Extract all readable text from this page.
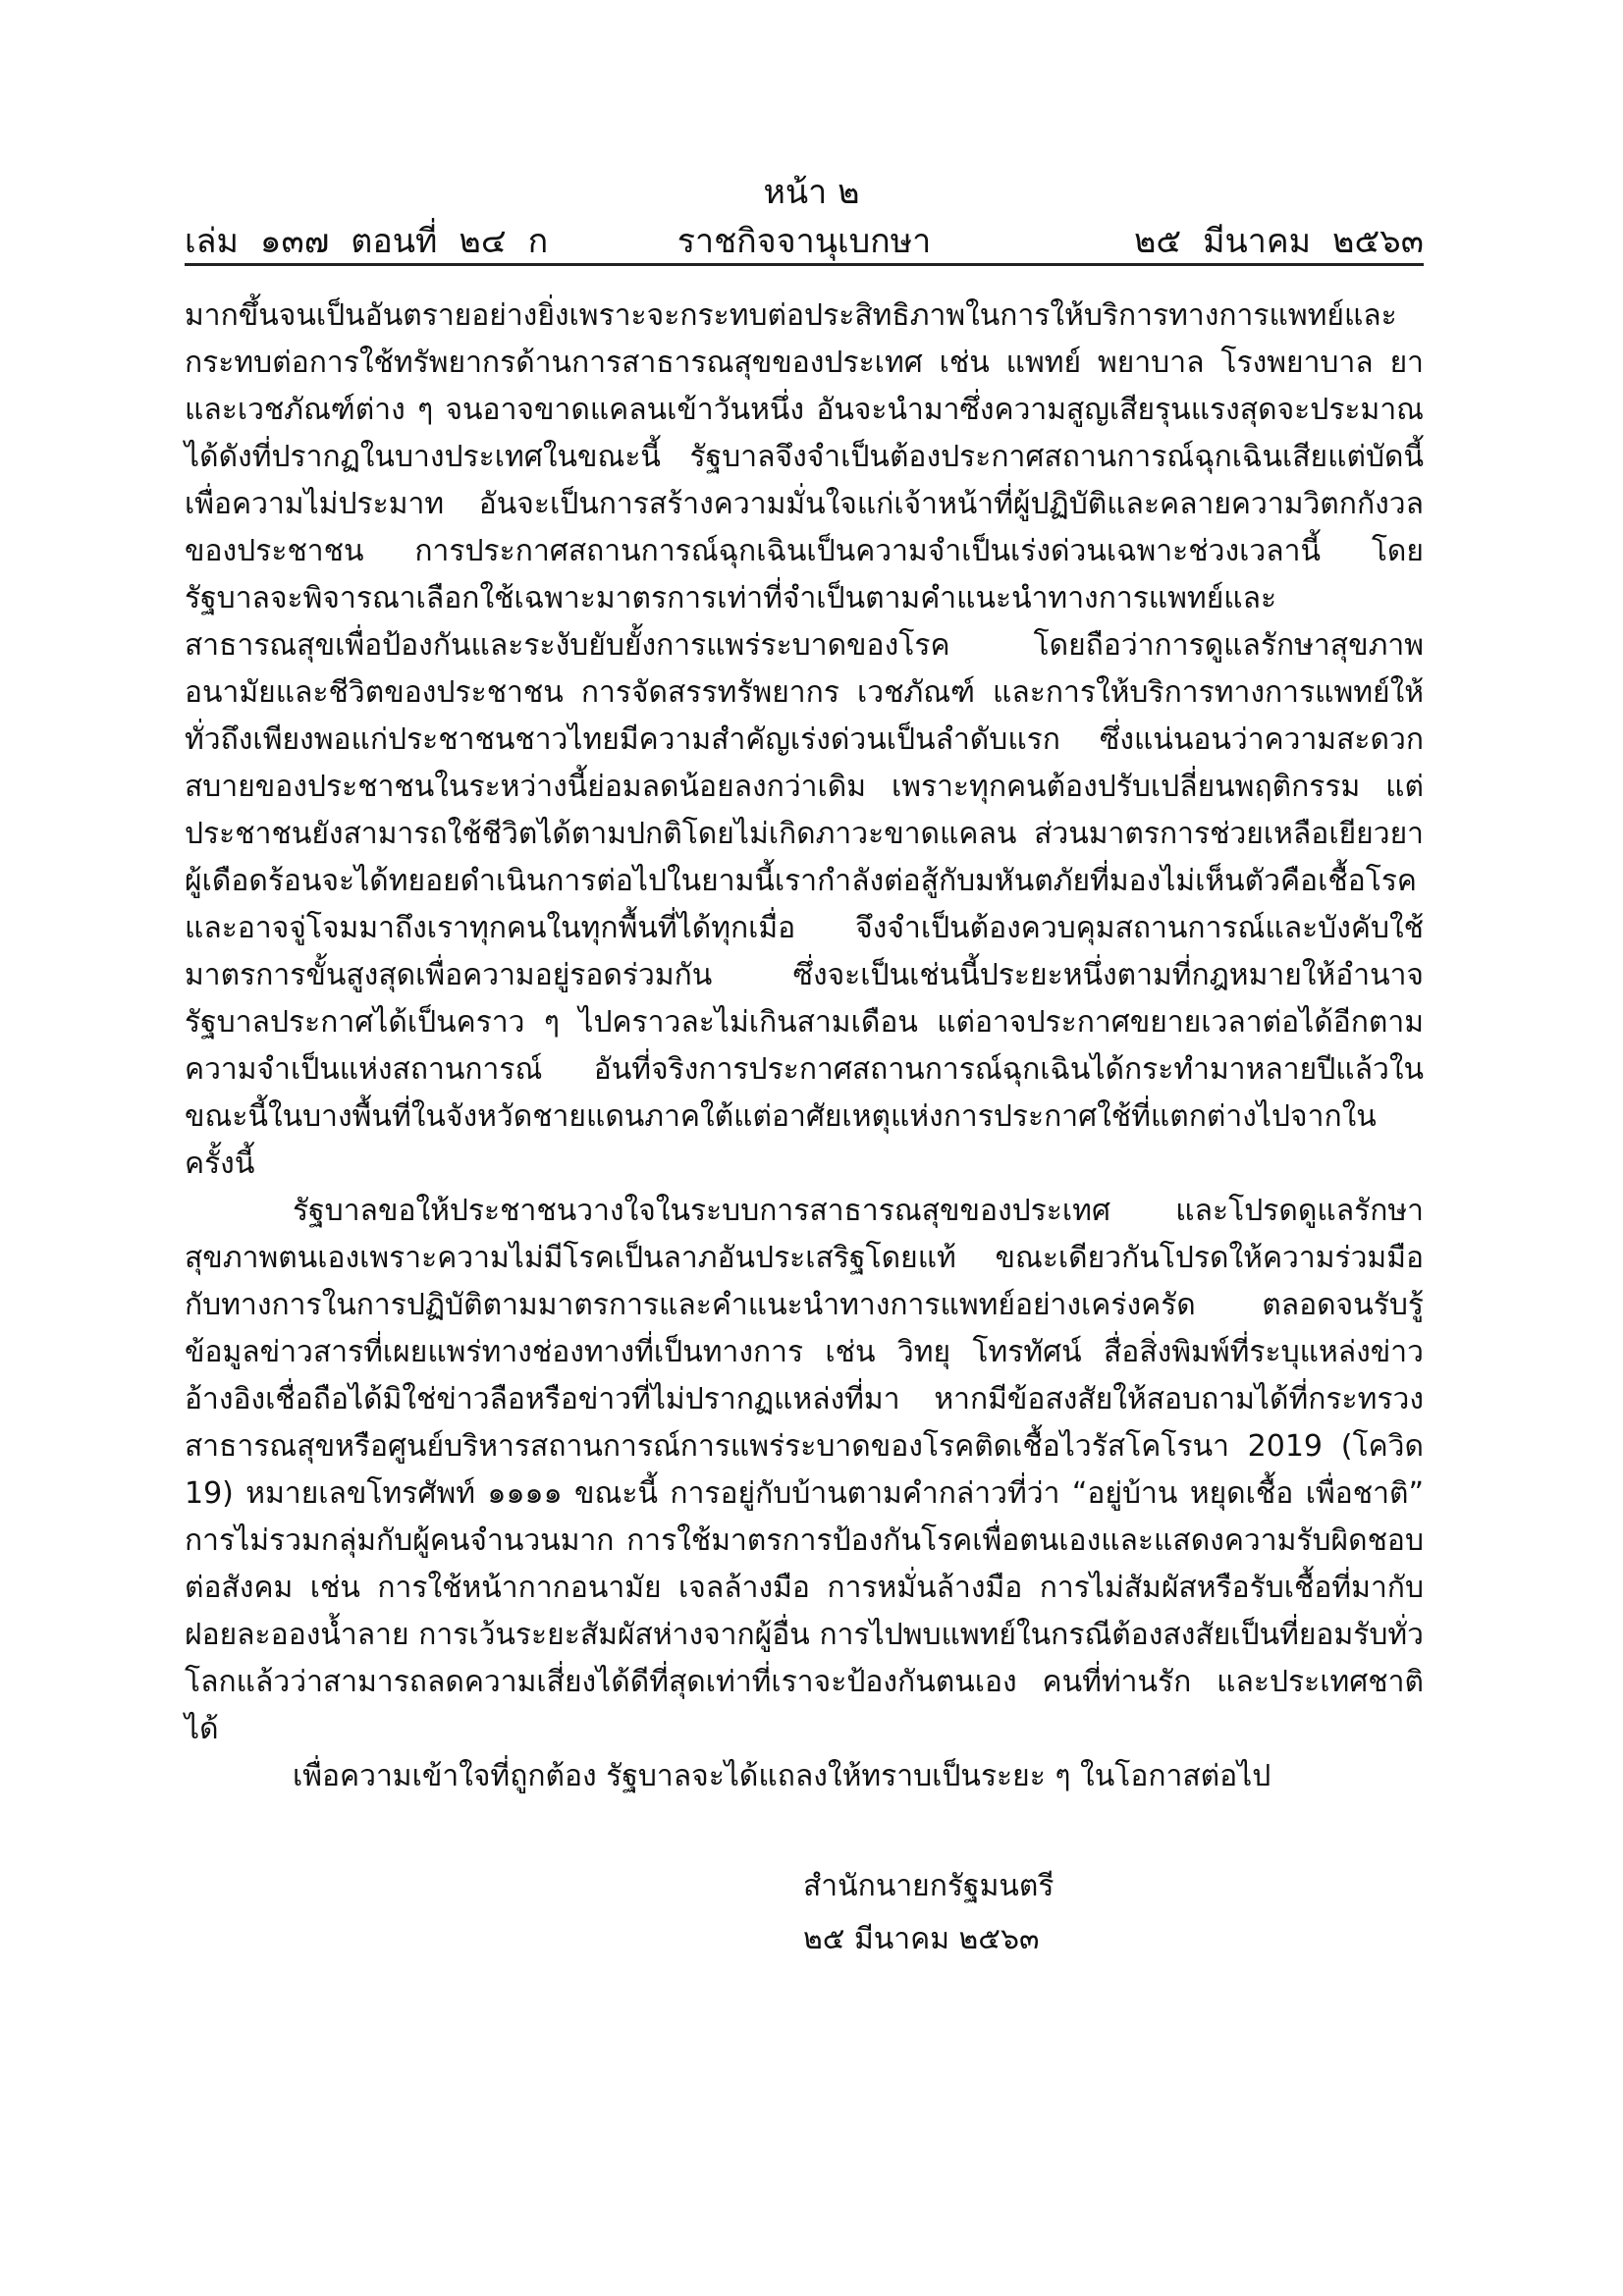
หน้า ๒
เล่ม ๑๓๗ ตอนที่ ๒๔ ก	ราชกิจจานุเบกษา	๒๕ มีนาคม ๒๕๖๓

มากขึ้นจนเป็นอันตรายอย่างยิ่งเพราะจะกระทบต่อประสิทธิภาพในการให้บริการทางการแพทย์และกระทบต่อการใช้ทรัพยากรด้านการสาธารณสุขของประเทศ เช่น แพทย์ พยาบาล โรงพยาบาล ยา และเวชภัณฑ์ต่าง ๆ จนอาจขาดแคลนเข้าวันหนึ่ง อันจะนำมาซึ่งความสูญเสียรุนแรงสุดจะประมาณได้ดังที่ปรากฏในบางประเทศในขณะนี้ รัฐบาลจึงจำเป็นต้องประกาศสถานการณ์ฉุกเฉินเสียแต่บัดนี้เพื่อความไม่ประมาท อันจะเป็นการสร้างความมั่นใจแก่เจ้าหน้าที่ผู้ปฏิบัติและคลายความวิตกกังวลของประชาชน การประกาศสถานการณ์ฉุกเฉินเป็นความจำเป็นเร่งด่วนเฉพาะช่วงเวลานี้ โดยรัฐบาลจะพิจารณาเลือกใช้เฉพาะมาตรการเท่าที่จำเป็นตามคำแนะนำทางการแพทย์และสาธารณสุขเพื่อป้องกันและระงับยับยั้งการแพร่ระบาดของโรค โดยถือว่าการดูแลรักษาสุขภาพอนามัยและชีวิตของประชาชน การจัดสรรทรัพยากร เวชภัณฑ์ และการให้บริการทางการแพทย์ให้ทั่วถึงเพียงพอแก่ประชาชนชาวไทยมีความสำคัญเร่งด่วนเป็นลำดับแรก ซึ่งแน่นอนว่าความสะดวกสบายของประชาชนในระหว่างนี้ย่อมลดน้อยลงกว่าเดิม เพราะทุกคนต้องปรับเปลี่ยนพฤติกรรม แต่ประชาชนยังสามารถใช้ชีวิตได้ตามปกติโดยไม่เกิดภาวะขาดแคลน ส่วนมาตรการช่วยเหลือเยียวยาผู้เดือดร้อนจะได้ทยอยดำเนินการต่อไปในยามนี้เรากำลังต่อสู้กับมหันตภัยที่มองไม่เห็นตัวคือเชื้อโรคและอาจจู่โจมมาถึงเราทุกคนในทุกพื้นที่ได้ทุกเมื่อ จึงจำเป็นต้องควบคุมสถานการณ์และบังคับใช้มาตรการขั้นสูงสุดเพื่อความอยู่รอดร่วมกัน ซึ่งจะเป็นเช่นนี้ประยะหนึ่งตามที่กฎหมายให้อำนาจรัฐบาลประกาศได้เป็นคราว ๆ ไปคราวละไม่เกินสามเดือน แต่อาจประกาศขยายเวลาต่อได้อีกตามความจำเป็นแห่งสถานการณ์ อันที่จริงการประกาศสถานการณ์ฉุกเฉินได้กระทำมาหลายปีแล้วในขณะนี้ในบางพื้นที่ในจังหวัดชายแดนภาคใต้แต่อาศัยเหตุแห่งการประกาศใช้ที่แตกต่างไปจากในครั้งนี้

รัฐบาลขอให้ประชาชนวางใจในระบบการสาธารณสุขของประเทศ และโปรดดูแลรักษาสุขภาพตนเองเพราะความไม่มีโรคเป็นลาภอันประเสริฐโดยแท้ ขณะเดียวกันโปรดให้ความร่วมมือกับทางการในการปฏิบัติตามมาตรการและคำแนะนำทางการแพทย์อย่างเคร่งครัด ตลอดจนรับรู้ข้อมูลข่าวสารที่เผยแพร่ทางช่องทางที่เป็นทางการ เช่น วิทยุ โทรทัศน์ สื่อสิ่งพิมพ์ที่ระบุแหล่งข่าวอ้างอิงเชื่อถือได้มิใช่ข่าวลือหรือข่าวที่ไม่ปรากฏแหล่งที่มา หากมีข้อสงสัยให้สอบถามได้ที่กระทรวงสาธารณสุขหรือศูนย์บริหารสถานการณ์การแพร่ระบาดของโรคติดเชื้อไวรัสโคโรนา 2019 (โควิด 19) หมายเลขโทรศัพท์ ๑๑๑๑ ขณะนี้ การอยู่กับบ้านตามคำกล่าวที่ว่า “อยู่บ้าน หยุดเชื้อ เพื่อชาติ” การไม่รวมกลุ่มกับผู้คนจำนวนมาก การใช้มาตรการป้องกันโรคเพื่อตนเองและแสดงความรับผิดชอบต่อสังคม เช่น การใช้หน้ากากอนามัย เจลล้างมือ การหมั่นล้างมือ การไม่สัมผัสหรือรับเชื้อที่มากับฝอยละอองน้ำลาย การเว้นระยะสัมผัสห่างจากผู้อื่น การไปพบแพทย์ในกรณีต้องสงสัยเป็นที่ยอมรับทั่วโลกแล้วว่าสามารถลดความเสี่ยงได้ดีที่สุดเท่าที่เราจะป้องกันตนเอง คนที่ท่านรัก และประเทศชาติได้

เพื่อความเข้าใจที่ถูกต้อง รัฐบาลจะได้แถลงให้ทราบเป็นระยะ ๆ ในโอกาสต่อไป

สำนักนายกรัฐมนตรี
๒๕ มีนาคม ๒๕๖๓
